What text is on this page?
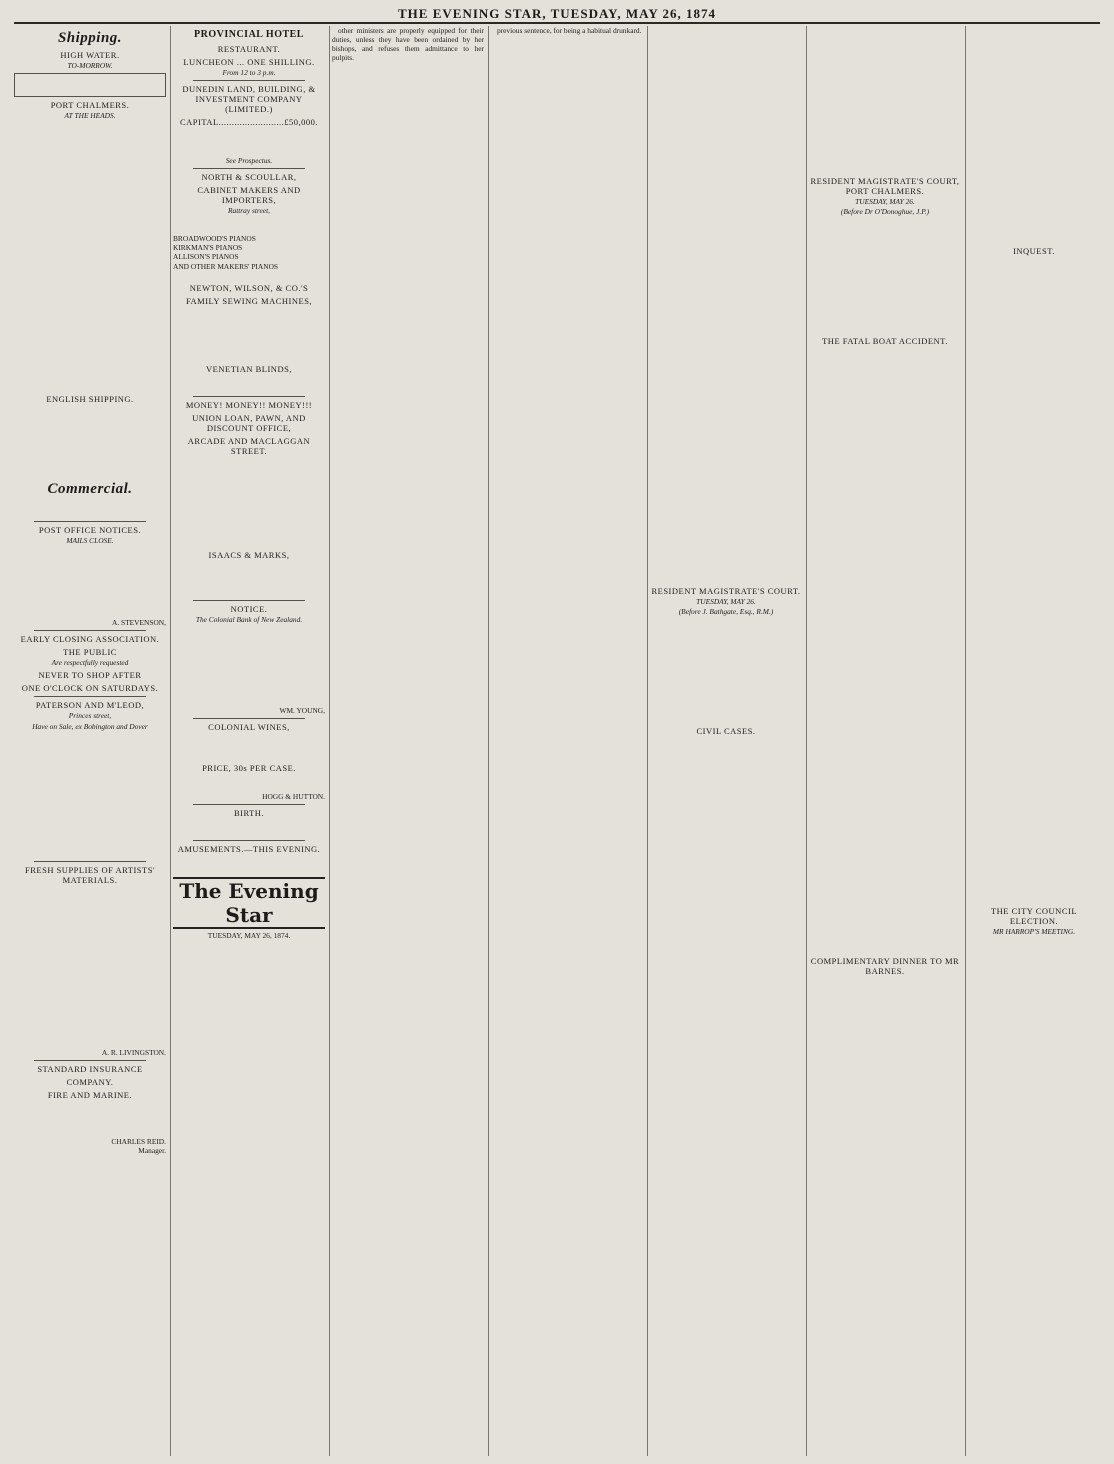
THE EVENING STAR, TUESDAY, MAY 26, 1874
Shipping.
HIGH WATER.
TO-MORROW.
PORT CHALMERS.
AT THE HEADS.
ENGLISH SHIPPING.
Commercial.
POST OFFICE NOTICES.
MAILS CLOSE.
A. STEVENSON,
EARLY CLOSING ASSOCIATION.
THE PUBLIC
Are respectfully requested
NEVER TO SHOP AFTER
ONE O'CLOCK ON SATURDAYS.
PATERSON AND M'LEOD,
Princes street,
Have on Sale, ex Bobington and Dover
FRESH SUPPLIES OF ARTISTS' MATERIALS.
A. R. LIVINGSTON.
STANDARD INSURANCE
COMPANY.
FIRE AND MARINE.
CHARLES REID.
Manager.
PROVINCIAL HOTEL
RESTAURANT.
LUNCHEON ... ONE SHILLING.
From 12 to 3 p.m.
DUNEDIN LAND, BUILDING, & INVESTMENT COMPANY (LIMITED.)
CAPITAL.........................£50,000.
See Prospectus.
NORTH & SCOULLAR,
CABINET MAKERS AND IMPORTERS,
Rattray street,
BROADWOOD'S PIANOS
KIRKMAN'S PIANOS
ALLISON'S PIANOS
AND OTHER MAKERS' PIANOS
NEWTON, WILSON, & CO.'S
FAMILY SEWING MACHINES,
VENETIAN BLINDS,
MONEY! MONEY!! MONEY!!!
UNION LOAN, PAWN, AND DISCOUNT OFFICE,
ARCADE AND MACLAGGAN STREET.
ISAACS & MARKS,
NOTICE.
The Colonial Bank of New Zealand.
WM. YOUNG,
COLONIAL WINES,
PRICE, 30s PER CASE.
HOGG & HUTTON.
BIRTH.
AMUSEMENTS.—THIS EVENING.
The Evening Star
TUESDAY, MAY 26, 1874.

other ministers are properly equipped for their duties, unless they have been ordained by her bishops, and refuses them admittance to her pulpits.

previous sentence, for being a habitual drunkard.

RESIDENT MAGISTRATE'S COURT.
TUESDAY, MAY 26.
(Before J. Bathgate, Esq., R.M.)
CIVIL CASES.
RESIDENT MAGISTRATE'S COURT, PORT CHALMERS.
TUESDAY, MAY 26.
(Before Dr O'Donoghue, J.P.)
THE FATAL BOAT ACCIDENT.
COMPLIMENTARY DINNER TO MR BARNES.
INQUEST.
THE CITY COUNCIL ELECTION.
MR HARROP'S MEETING.
